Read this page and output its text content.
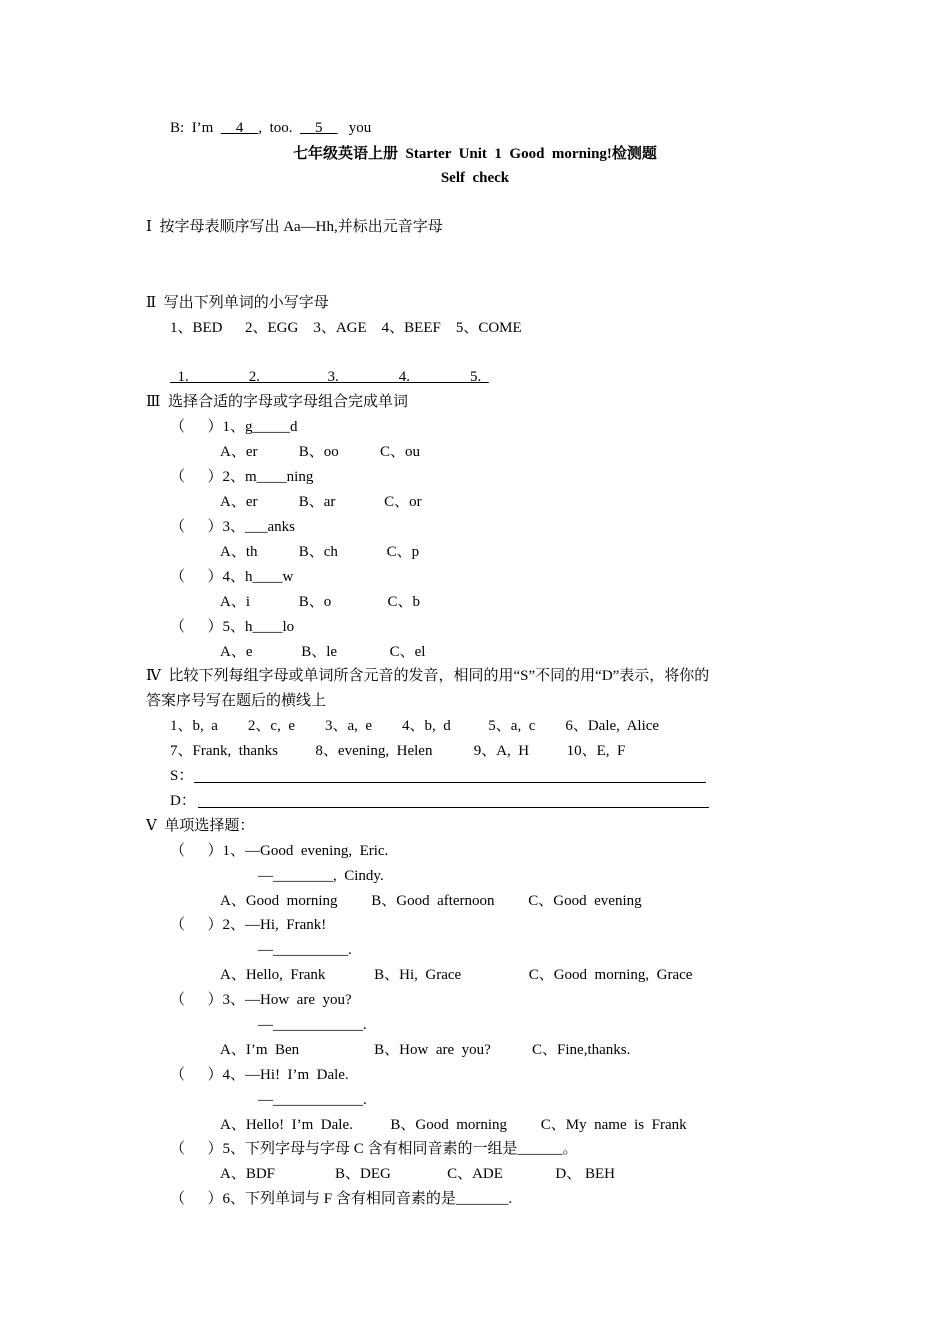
B: I’m      4    ,  too.      5       you
七年级英语上册  Starter  Unit  1  Good  morning!检测题
Self  check
Ⅰ 按字母表顺序写出 Aa—Hh,并标出元音字母
Ⅱ 写出下列单词的小写字母
1、BED      2、EGG    3、AGE    4、BEEF    5、COME
1.                2.                  3.                4.                5.
Ⅲ 选择合适的字母或字母组合完成单词
（      ）1、g_____d
A、er           B、oo           C、ou
（      ）2、m____ning
A、er           B、ar             C、or
（      ）3、___anks
A、th           B、ch             C、p
（      ）4、h____w
A、i             B、o               C、b
（      ）5、h____lo
A、e             B、le              C、el
Ⅳ 比较下列每组字母或单词所含元音的发音，相同的用“S”不同的用“D”表示，将你的
答案序号写在题后的横线上
1、b,  a        2、c,  e        3、a,  e        4、b,  d          5、a,  c        6、Dale,  Alice
7、Frank,  thanks          8、evening,  Helen           9、A,  H          10、E,  F
S：
D：
Ⅴ 单项选择题：
（      ）1、—Good  evening,  Eric.
—________,  Cindy.
A、Good  morning         B、Good  afternoon         C、Good  evening
（      ）2、—Hi,  Frank!
—__________.
A、Hello,  Frank             B、Hi,  Grace                  C、Good  morning,  Grace
（      ）3、—How  are  you?
—____________.
A、I’m  Ben                    B、How  are  you?           C、Fine,thanks.
（      ）4、—Hi!  I’m  Dale.
—____________.
A、Hello!  I’m  Dale.          B、Good  morning         C、My  name  is  Frank
（      ）5、下列字母与字母 C 含有相同音素的一组是______。
A、BDF                B、DEG               C、ADE              D、 BEH
（      ）6、下列单词与 F 含有相同音素的是_______.
